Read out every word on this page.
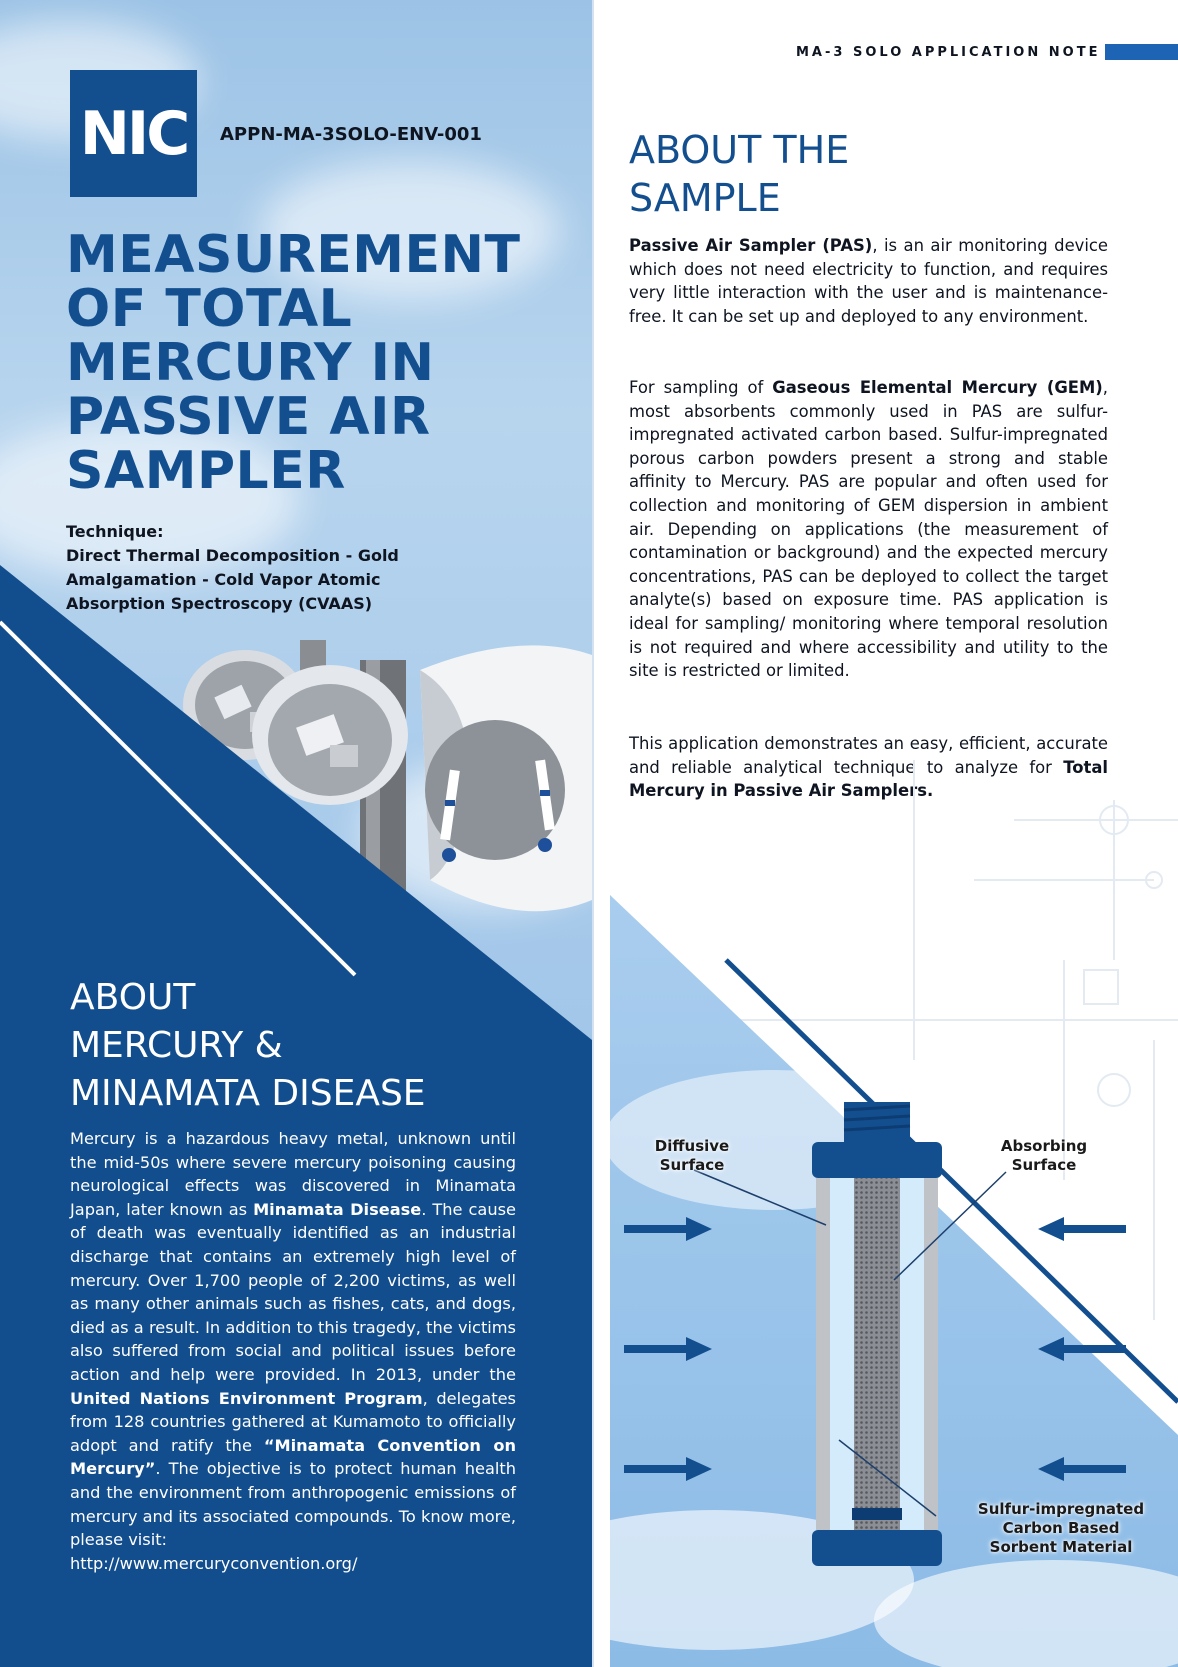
NIC APPN-MA-3SOLO-ENV-001
MEASUREMENT
OF TOTAL
MERCURY IN
PASSIVE AIR
SAMPLER
Technique:
Direct Thermal Decomposition - Gold
Amalgamation - Cold Vapor Atomic
Absorption Spectroscopy (CVAAS)
ABOUT
MERCURY &
MINAMATA DISEASE

Mercury is a hazardous heavy metal, unknown until the mid-50s where severe mercury poisoning causing neurological effects was discovered in Minamata Japan, later known as Minamata Disease. The cause of death was eventually identified as an industrial discharge that contains an extremely high level of mercury. Over 1,700 people of 2,200 victims, as well as many other animals such as fishes, cats, and dogs, died as a result. In addition to this tragedy, the victims also suffered from social and political issues before action and help were provided. In 2013, under the United Nations Environment Program, delegates from 128 countries gathered at Kumamoto to officially adopt and ratify the “Minamata Convention on Mercury”. The objective is to protect human health and the environment from anthropogenic emissions of mercury and its associated compounds. To know more, please visit:
http://www.mercuryconvention.org/

MA-3 SOLO APPLICATION NOTE
ABOUT THE
SAMPLE

Passive Air Sampler (PAS), is an air monitoring device which does not need electricity to function, and requires very little interaction with the user and is maintenance-free. It can be set up and deployed to any environment.

For sampling of Gaseous Elemental Mercury (GEM), most absorbents commonly used in PAS are sulfur-impregnated activated carbon based. Sulfur-impregnated porous carbon powders present a strong and stable affinity to Mercury. PAS are popular and often used for collection and monitoring of GEM dispersion in ambient air. Depending on applications (the measurement of contamination or background) and the expected mercury concentrations, PAS can be deployed to collect the target analyte(s) based on exposure time. PAS application is ideal for sampling/ monitoring where temporal resolution is not required and where accessibility and utility to the site is restricted or limited.

This application demonstrates an easy, efficient, accurate and reliable analytical technique to analyze for Total Mercury in Passive Air Samplers.

Diffusive
Surface
Absorbing
Surface
Sulfur-impregnated
Carbon Based
Sorbent Material
